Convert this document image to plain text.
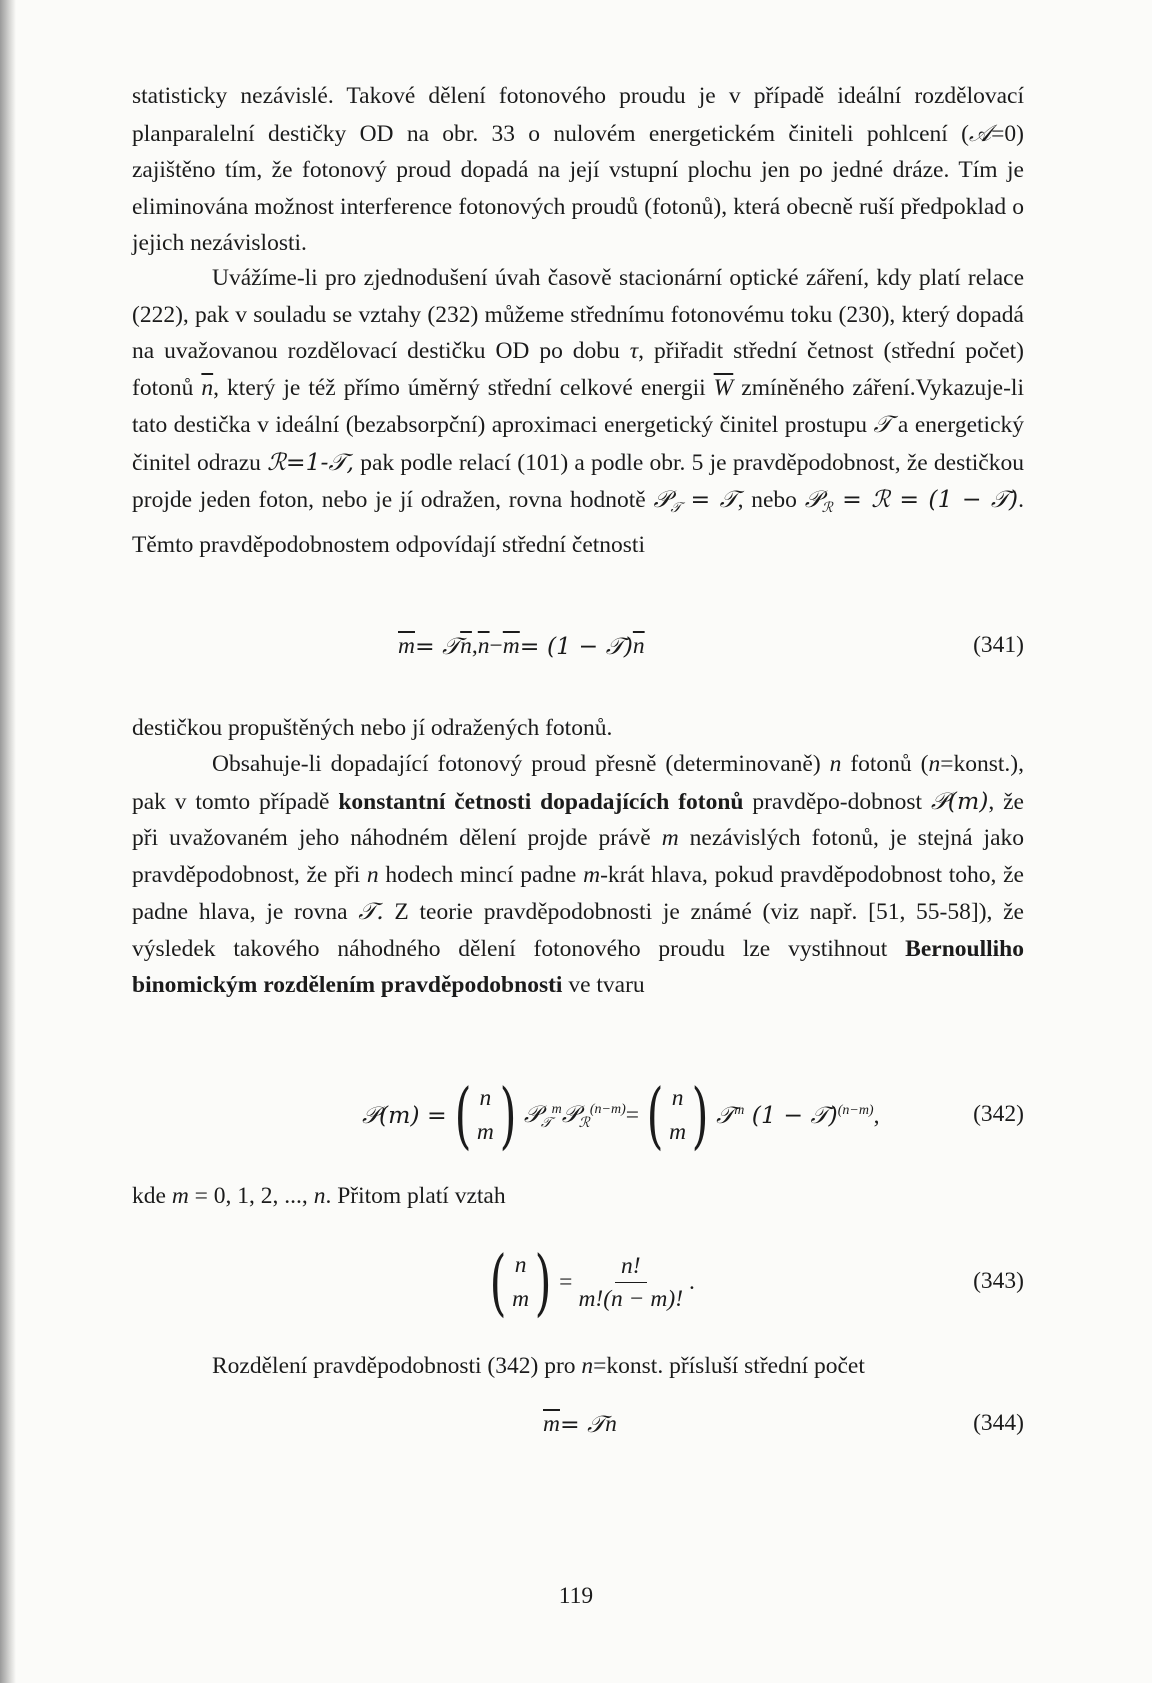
statisticky nezávislé. Takové dělení fotonového proudu je v případě ideální rozdělovací planparalelní destičky OD na obr. 33 o nulovém energetickém činiteli pohlcení (𝒜=0) zajištěno tím, že fotonový proud dopadá na její vstupní plochu jen po jedné dráze. Tím je eliminována možnost interference fotonových proudů (fotonů), která obecně ruší předpoklad o jejich nezávislosti.

Uvážíme-li pro zjednodušení úvah časově stacionární optické záření, kdy platí relace (222), pak v souladu se vztahy (232) můžeme střednímu fotonovému toku (230), který dopadá na uvažovanou rozdělovací destičku OD po dobu τ, přiřadit střední četnost (střední počet) fotonů $\overline{n}$, který je též přímo úměrný střední celkové energii $\overline{W}$ zmíněného záření.Vykazuje-li tato destička v ideální (bezabsorpční) aproximaci energetický činitel prostupu 𝒯 a energetický činitel odrazu ℛ=1-𝒯, pak podle relací (101) a podle obr. 5 je pravděpodobnost, že destičkou projde jeden foton, nebo je jí odražen, rovna hodnotě 𝒫$_𝒯$ = 𝒯, nebo 𝒫$_ℛ$ = ℛ = (1 − 𝒯). Těmto pravděpodobnostem odpovídají střední četnosti

$\overline{m}$ = 𝒯 $\overline{n}$ , $\overline{n} - \overline{m} = (1$ − 𝒯) $\overline{n}$	(341)

destičkou propuštěných nebo jí odražených fotonů.

Obsahuje-li dopadající fotonový proud přesně (determinovaně) n fotonů (n=konst.), pak v tomto případě konstantní četnosti dopadajících fotonů pravděpo-dobnost 𝒫(m), že při uvažovaném jeho náhodném dělení projde právě m nezávislých fotonů, je stejná jako pravděpodobnost, že při n hodech mincí padne m-krát hlava, pokud pravděpodobnost toho, že padne hlava, je rovna 𝒯. Z teorie pravděpodobnosti je známé (viz např. [51, 55-58]), že výsledek takového náhodného dělení fotonového proudu lze vystihnout Bernoulliho binomickým rozdělením pravděpodobnosti ve tvaru

𝒫(m) = ( n
m ) 𝒫$_𝒯^m$𝒫$_ℛ^{(n-m)}$ = ( n
m ) 𝒯$^m$ (1 − 𝒯)$^{(n-m)}$,	(342)

kde m = 0, 1, 2, ..., n. Přitom platí vztah

( n
m ) = $\frac{n!}{m!(n - m)!}$ .	(343)

Rozdělení pravděpodobnosti (342) pro n=konst. přísluší střední počet

$\overline{m}$ = 𝒯 n	(344)
119
